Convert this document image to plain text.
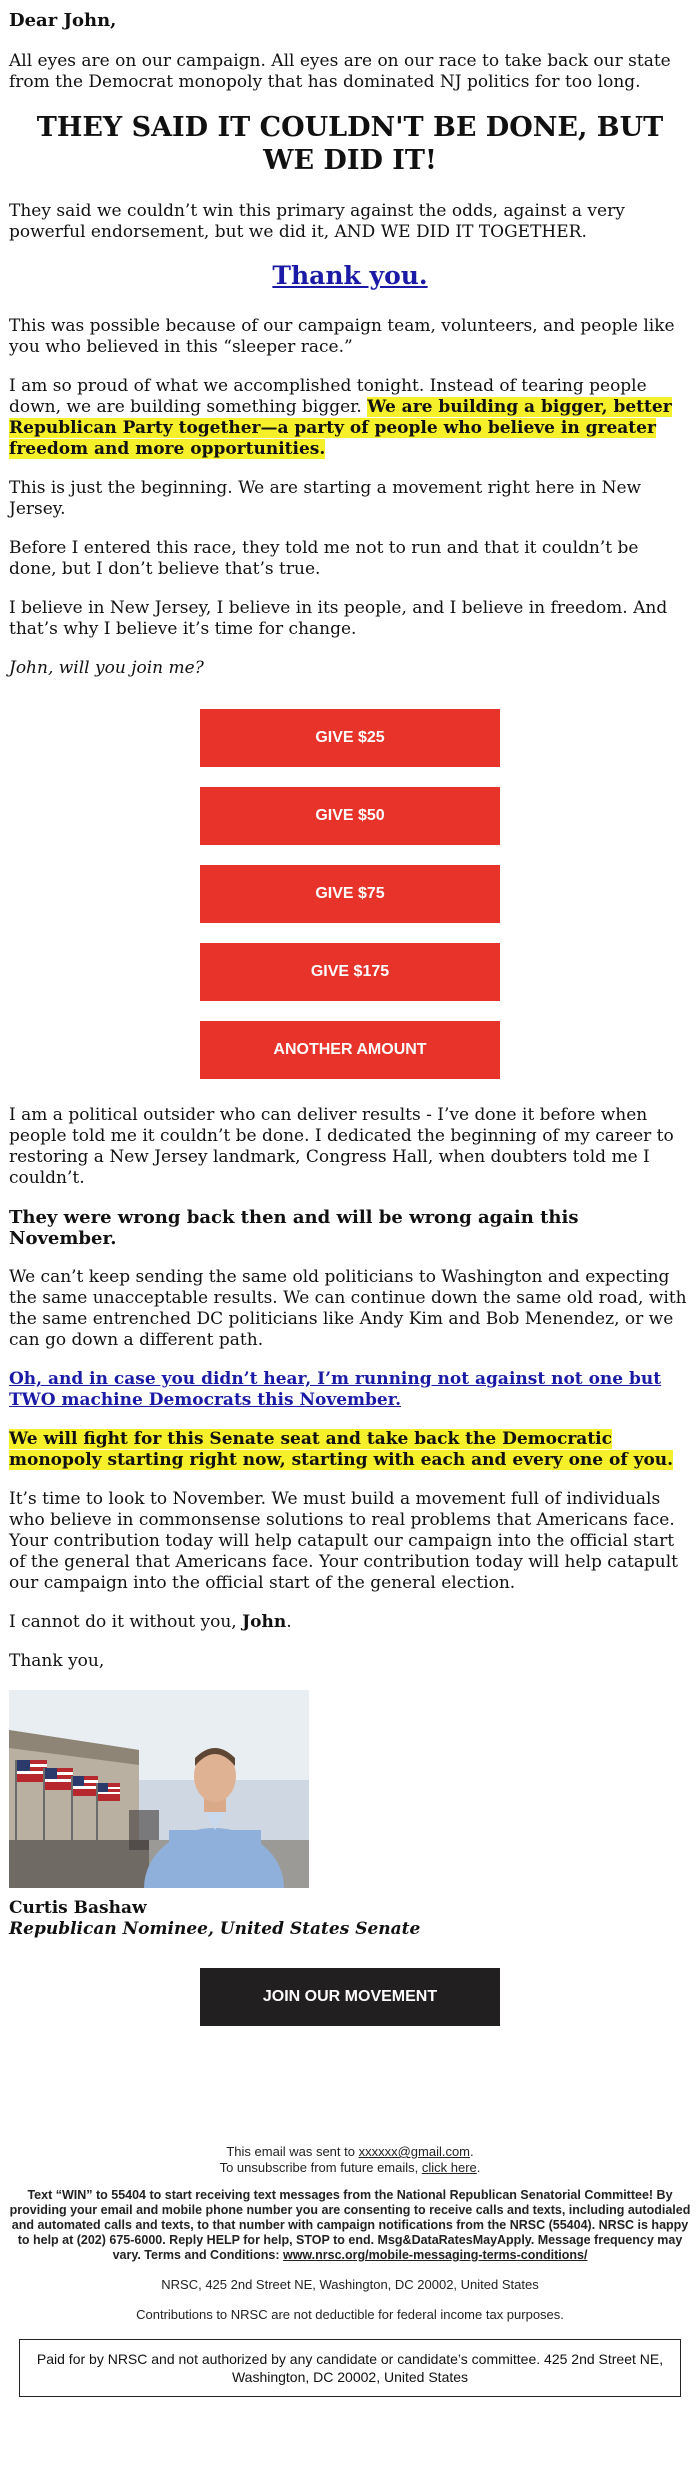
Dear John,

All eyes are on our campaign. All eyes are on our race to take back our state from the Democrat monopoly that has dominated NJ politics for too long.

THEY SAID IT COULDN'T BE DONE, BUT WE DID IT!

They said we couldn’t win this primary against the odds, against a very powerful endorsement, but we did it, AND WE DID IT TOGETHER.

Thank you.

This was possible because of our campaign team, volunteers, and people like you who believed in this “sleeper race.”

I am so proud of what we accomplished tonight. Instead of tearing people down, we are building something bigger. We are building a bigger, better Republican Party together—a party of people who believe in greater freedom and more opportunities.

This is just the beginning. We are starting a movement right here in New Jersey.

Before I entered this race, they told me not to run and that it couldn’t be done, but I don’t believe that’s true.

I believe in New Jersey, I believe in its people, and I believe in freedom. And that’s why I believe it’s time for change.

John, will you join me?

GIVE $25
GIVE $50
GIVE $75
GIVE $175
ANOTHER AMOUNT

I am a political outsider who can deliver results - I’ve done it before when people told me it couldn’t be done. I dedicated the beginning of my career to restoring a New Jersey landmark, Congress Hall, when doubters told me I couldn’t.

They were wrong back then and will be wrong again this November.

We can’t keep sending the same old politicians to Washington and expecting the same unacceptable results. We can continue down the same old road, with the same entrenched DC politicians like Andy Kim and Bob Menendez, or we can go down a different path.

Oh, and in case you didn’t hear, I’m running not against not one but TWO machine Democrats this November.

We will fight for this Senate seat and take back the Democratic monopoly starting right now, starting with each and every one of you.

It’s time to look to November. We must build a movement full of individuals who believe in commonsense solutions to real problems that Americans face. Your contribution today will help catapult our campaign into the official start of the general that Americans face. Your contribution today will help catapult our campaign into the official start of the general election.

I cannot do it without you, John.

Thank you,

Curtis Bashaw

Republican Nominee, United States Senate

JOIN OUR MOVEMENT

This email was sent to xxxxxx@gmail.com.

To unsubscribe from future emails, click here.

Text “WIN” to 55404 to start receiving text messages from the National Republican Senatorial Committee! By providing your email and mobile phone number you are consenting to receive calls and texts, including autodialed and automated calls and texts, to that number with campaign notifications from the NRSC (55404). NRSC is happy to help at (202) 675-6000. Reply HELP for help, STOP to end. Msg&DataRatesMayApply. Message frequency may vary. Terms and Conditions: www.nrsc.org/mobile-messaging-terms-conditions/

NRSC, 425 2nd Street NE, Washington, DC 20002, United States

Contributions to NRSC are not deductible for federal income tax purposes.

Paid for by NRSC and not authorized by any candidate or candidate’s committee. 425 2nd Street NE, Washington, DC 20002, United States
